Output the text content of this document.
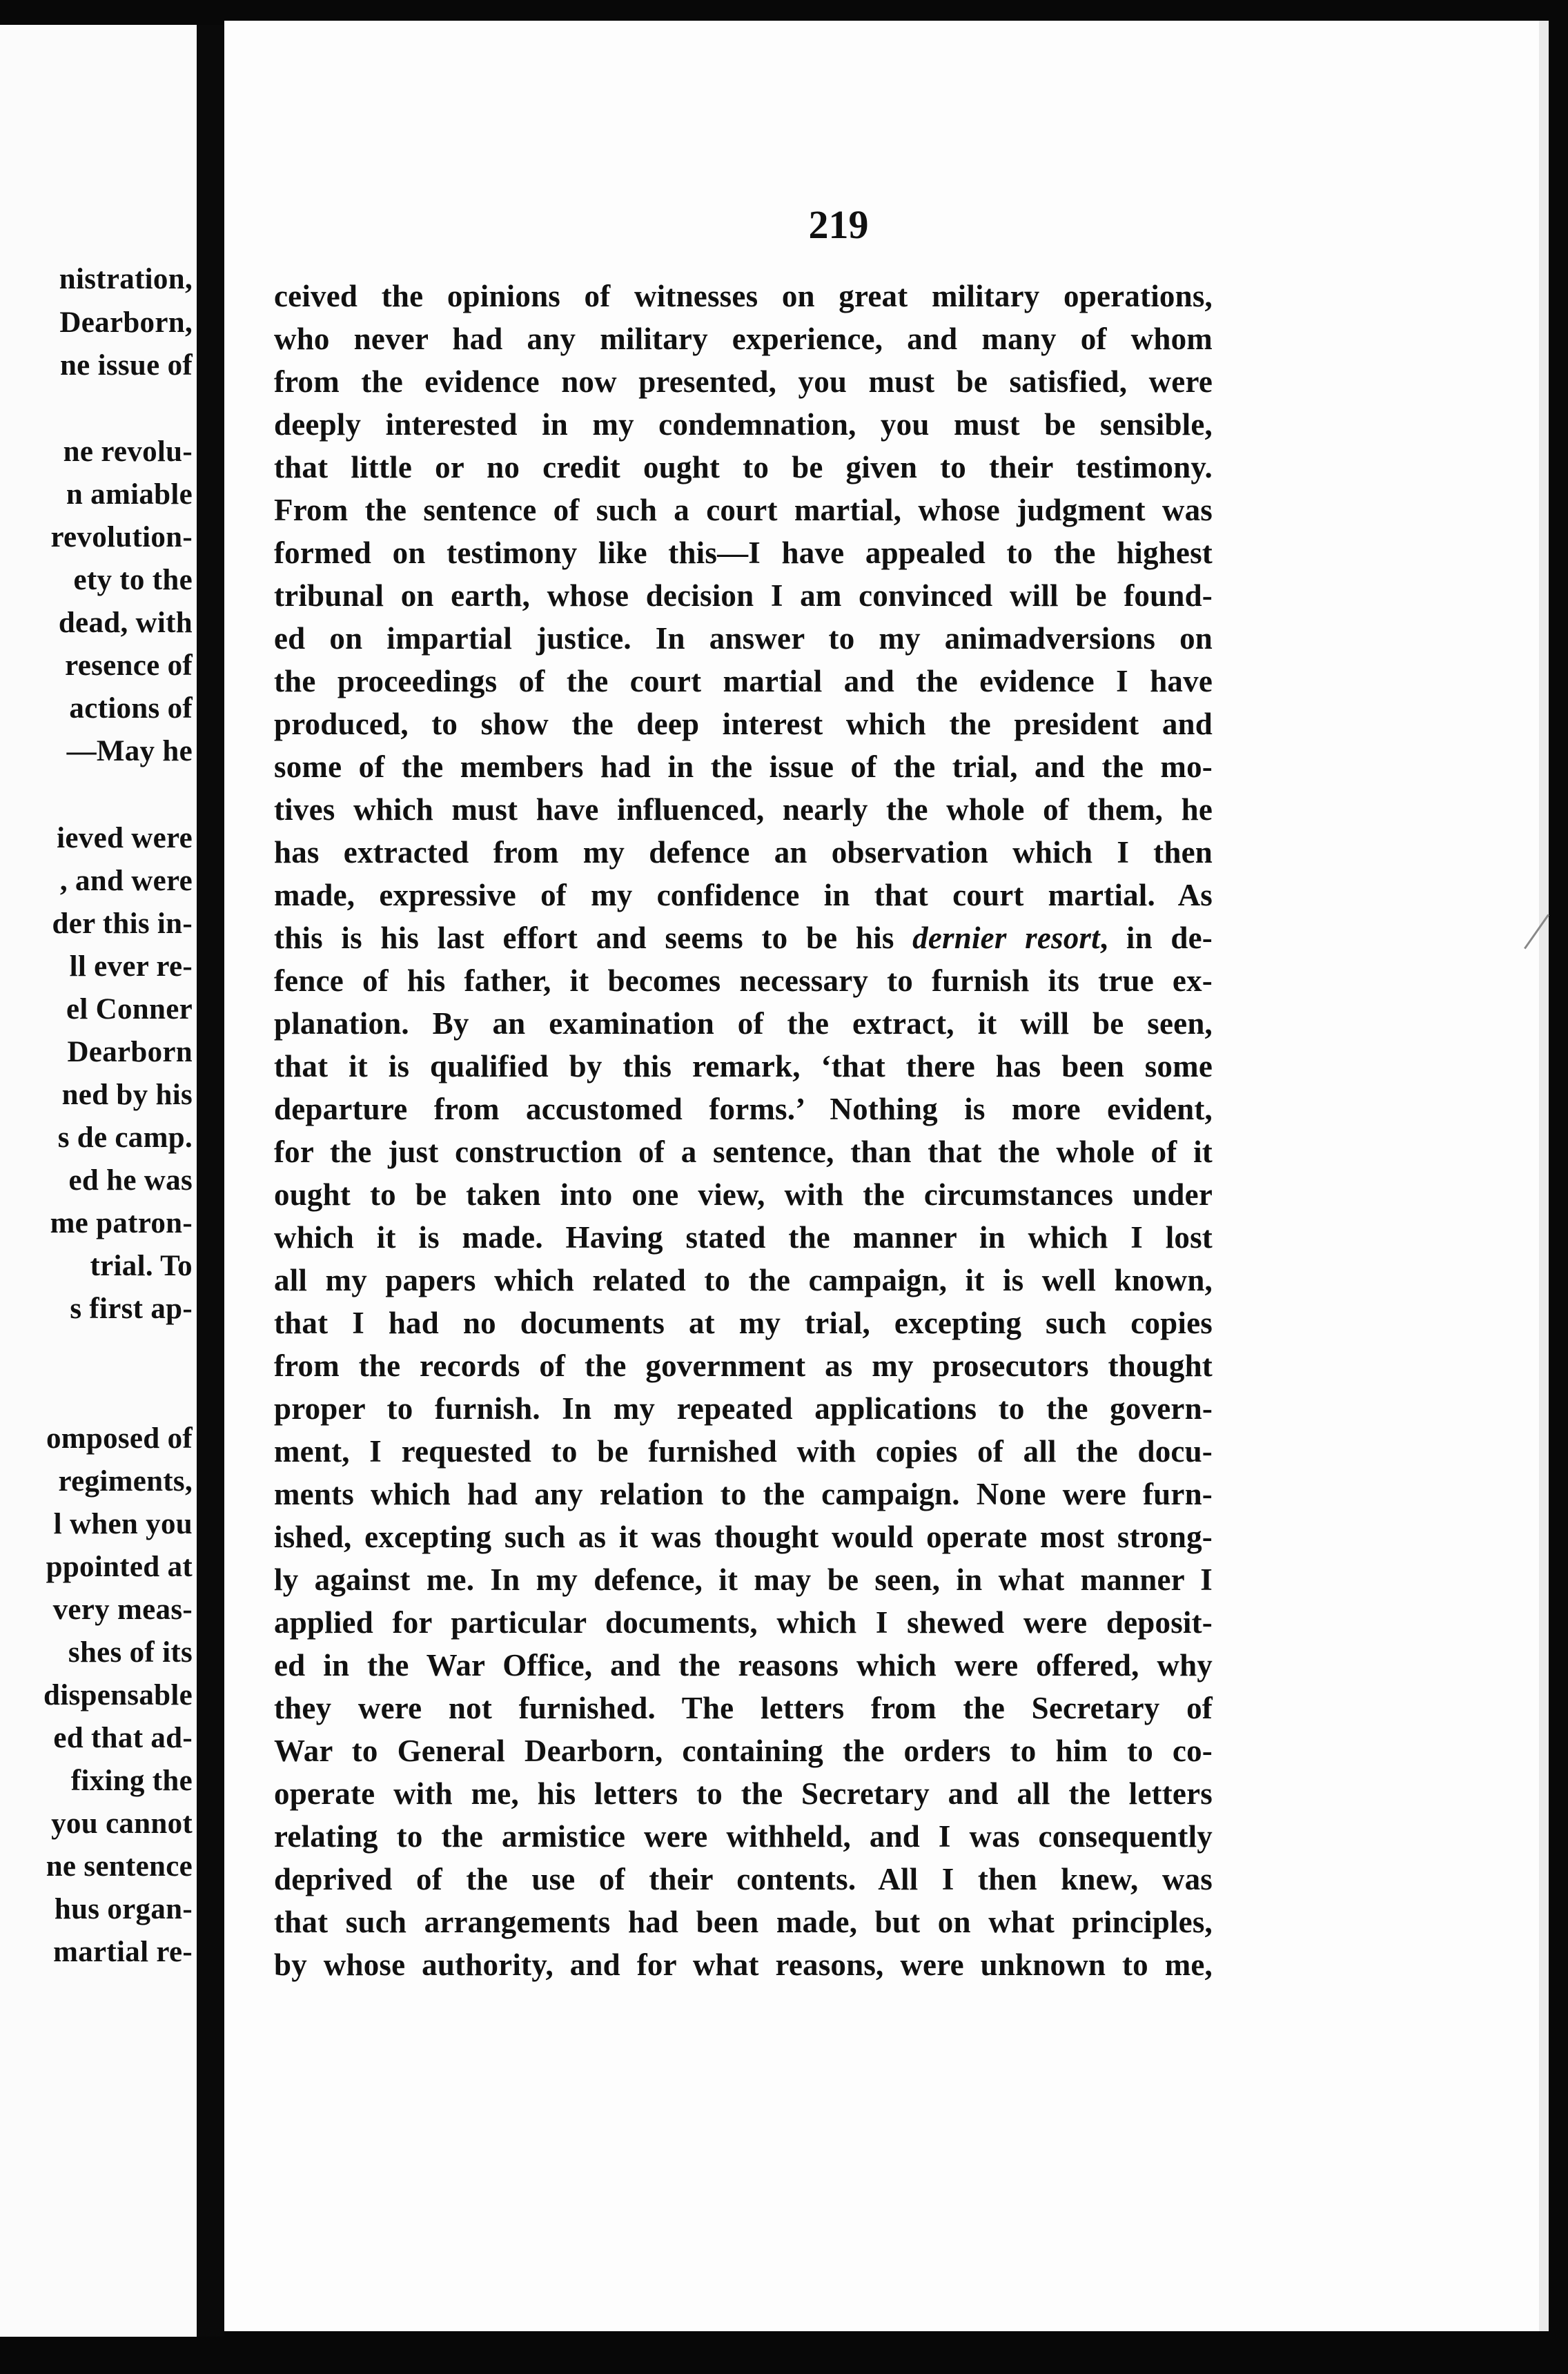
nistration,
Dearborn,
ne issue of
ne revolu-
n amiable
revolution-
ety to the
dead, with
resence of
actions of
—May he
ieved were
, and were
der this in-
ll ever re-
el Conner
Dearborn
ned by his
s de camp.
ed he was
me patron-
trial. To
s first ap-
omposed of
regiments,
l when you
ppointed at
very meas-
shes of its
dispensable
ed that ad-
fixing the
you cannot
ne sentence
hus organ-
martial re-
219
ceived the opinions of witnesses on great military operations,
who never had any military experience, and many of whom
from the evidence now presented, you must be satisfied, were
deeply interested in my condemnation, you must be sensible,
that little or no credit ought to be given to their testimony.
From the sentence of such a court martial, whose judgment was
formed on testimony like this—I have appealed to the highest
tribunal on earth, whose decision I am convinced will be found-
ed on impartial justice. In answer to my animadversions on
the proceedings of the court martial and the evidence I have
produced, to show the deep interest which the president and
some of the members had in the issue of the trial, and the mo-
tives which must have influenced, nearly the whole of them, he
has extracted from my defence an observation which I then
made, expressive of my confidence in that court martial. As
this is his last effort and seems to be his dernier resort, in de-
fence of his father, it becomes necessary to furnish its true ex-
planation. By an examination of the extract, it will be seen,
that it is qualified by this remark, ‘that there has been some
departure from accustomed forms.’ Nothing is more evident,
for the just construction of a sentence, than that the whole of it
ought to be taken into one view, with the circumstances under
which it is made. Having stated the manner in which I lost
all my papers which related to the campaign, it is well known,
that I had no documents at my trial, excepting such copies
from the records of the government as my prosecutors thought
proper to furnish. In my repeated applications to the govern-
ment, I requested to be furnished with copies of all the docu-
ments which had any relation to the campaign. None were furn-
ished, excepting such as it was thought would operate most strong-
ly against me. In my defence, it may be seen, in what manner I
applied for particular documents, which I shewed were deposit-
ed in the War Office, and the reasons which were offered, why
they were not furnished. The letters from the Secretary of
War to General Dearborn, containing the orders to him to co-
operate with me, his letters to the Secretary and all the letters
relating to the armistice were withheld, and I was consequently
deprived of the use of their contents. All I then knew, was
that such arrangements had been made, but on what principles,
by whose authority, and for what reasons, were unknown to me,
